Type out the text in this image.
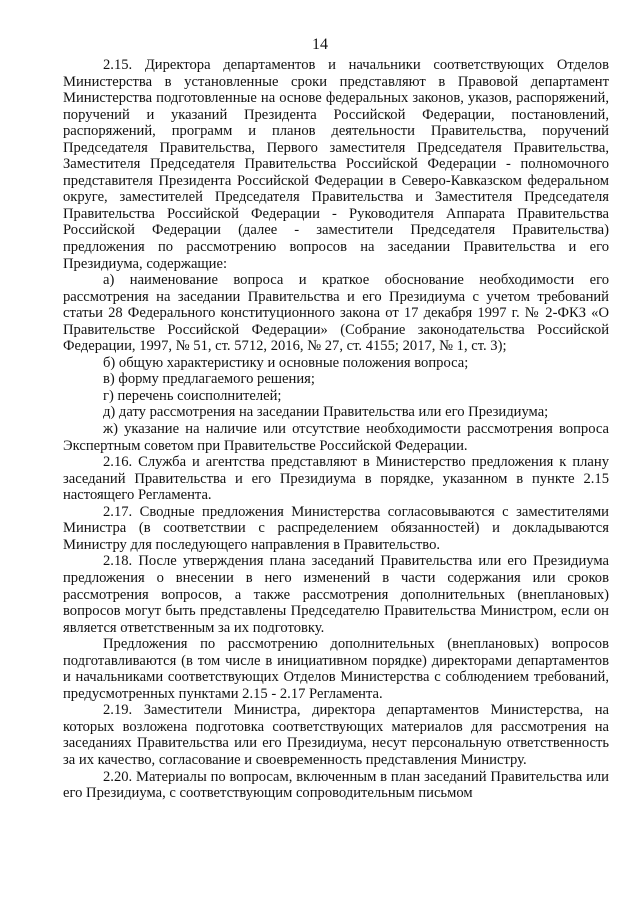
14

2.15. Директора департаментов и начальники соответствующих Отделов Министерства в установленные сроки представляют в Правовой департамент Министерства подготовленные на основе федеральных законов, указов, распоряжений, поручений и указаний Президента Российской Федерации, постановлений, распоряжений, программ и планов деятельности Правительства, поручений Председателя Правительства, Первого заместителя Председателя Правительства, Заместителя Председателя Правительства Российской Федерации - полномочного представителя Президента Российской Федерации в Северо-Кавказском федеральном округе, заместителей Председателя Правительства и Заместителя Председателя Правительства Российской Федерации - Руководителя Аппарата Правительства Российской Федерации (далее - заместители Председателя Правительства) предложения по рассмотрению вопросов на заседании Правительства и его Президиума, содержащие:

а) наименование вопроса и краткое обоснование необходимости его рассмотрения на заседании Правительства и его Президиума с учетом требований статьи 28 Федерального конституционного закона от 17 декабря 1997 г. № 2-ФКЗ «О Правительстве Российской Федерации» (Собрание законодательства Российской Федерации, 1997, № 51, ст. 5712, 2016, № 27, ст. 4155; 2017, № 1, ст. 3);

б) общую характеристику и основные положения вопроса;

в) форму предлагаемого решения;

г) перечень соисполнителей;

д) дату рассмотрения на заседании Правительства или его Президиума;

ж) указание на наличие или отсутствие необходимости рассмотрения вопроса Экспертным советом при Правительстве Российской Федерации.

2.16. Служба и агентства представляют в Министерство предложения к плану заседаний Правительства и его Президиума в порядке, указанном в пункте 2.15 настоящего Регламента.

2.17. Сводные предложения Министерства согласовываются с заместителями Министра (в соответствии с распределением обязанностей) и докладываются Министру для последующего направления в Правительство.

2.18. После утверждения плана заседаний Правительства или его Президиума предложения о внесении в него изменений в части содержания или сроков рассмотрения вопросов, а также рассмотрения дополнительных (внеплановых) вопросов могут быть представлены Председателю Правительства Министром, если он является ответственным за их подготовку.

Предложения по рассмотрению дополнительных (внеплановых) вопросов подготавливаются (в том числе в инициативном порядке) директорами департаментов и начальниками соответствующих Отделов Министерства с соблюдением требований, предусмотренных пунктами 2.15 - 2.17 Регламента.

2.19. Заместители Министра, директора департаментов Министерства, на которых возложена подготовка соответствующих материалов для рассмотрения на заседаниях Правительства или его Президиума, несут персональную ответственность за их качество, согласование и своевременность представления Министру.

2.20. Материалы по вопросам, включенным в план заседаний Правительства или его Президиума, с соответствующим сопроводительным письмом
